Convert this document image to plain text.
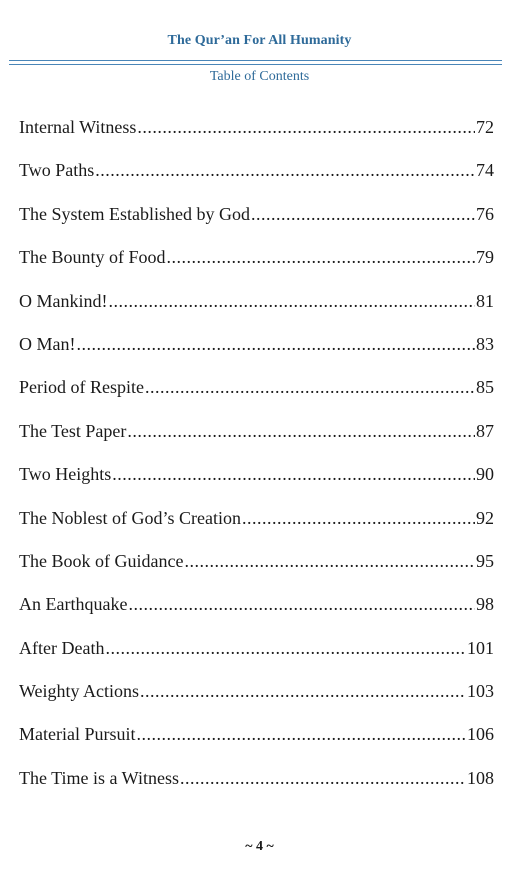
The Qur’an For All Humanity
Table of Contents
Internal Witness .....	72
Two Paths .....	74
The System Established by God .....	76
The Bounty of Food .....	79
O Mankind! .....	81
O Man! .....	83
Period of Respite .....	85
The Test Paper .....	87
Two Heights .....	90
The Noblest of God’s Creation .....	92
The Book of Guidance .....	95
An Earthquake .....	98
After Death .....	101
Weighty Actions .....	103
Material Pursuit .....	106
The Time is a Witness .....	108
~ 4 ~
